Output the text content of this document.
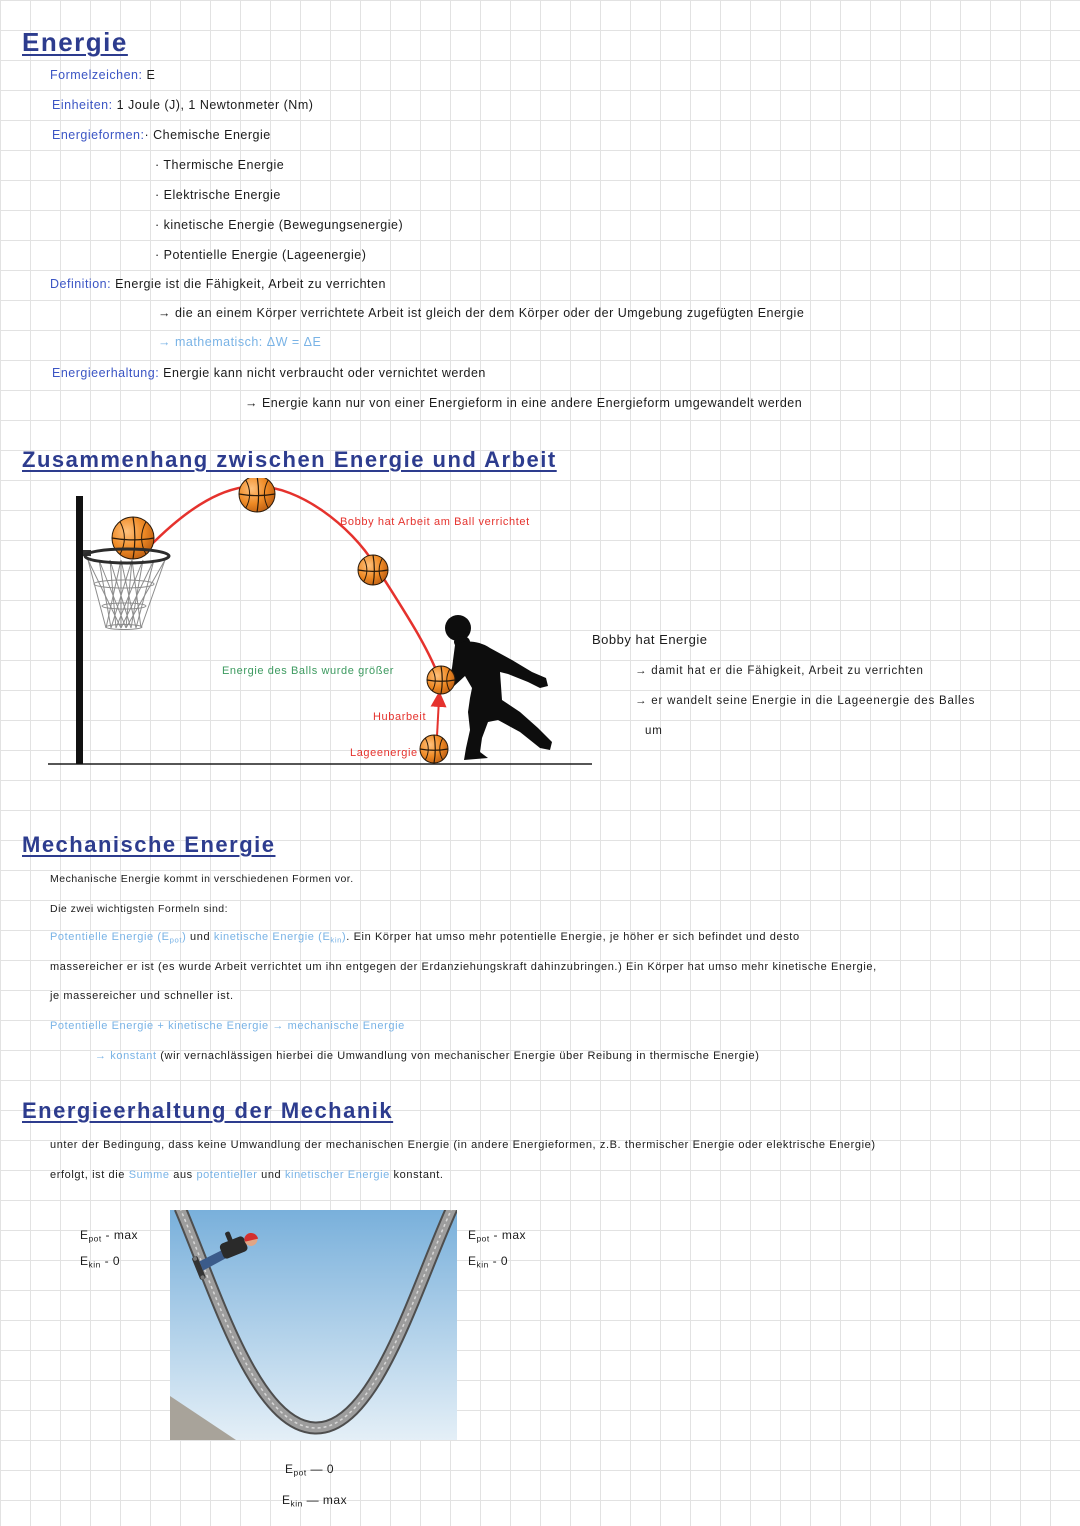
Energie
Formelzeichen: E
Einheiten: 1 Joule (J), 1 Newtonmeter (Nm)
Energieformen:· Chemische Energie
· Thermische Energie
· Elektrische Energie
· kinetische Energie (Bewegungsenergie)
· Potentielle Energie (Lageenergie)
Definition: Energie ist die Fähigkeit, Arbeit zu verrichten
→ die an einem Körper verrichtete Arbeit ist gleich der dem Körper oder der Umgebung zugefügten Energie
→ mathematisch: ΔW = ΔE
Energieerhaltung: Energie kann nicht verbraucht oder vernichtet werden
→ Energie kann nur von einer Energieform in eine andere Energieform umgewandelt werden
Zusammenhang zwischen Energie und Arbeit
Bobby hat Arbeit am Ball verrichtet
Energie des Balls wurde größer
Hubarbeit
Lageenergie
Bobby hat Energie
→ damit hat er die Fähigkeit, Arbeit zu verrichten
→ er wandelt seine Energie in die Lageenergie des Balles
um
Mechanische Energie
Mechanische Energie kommt in verschiedenen Formen vor.
Die zwei wichtigsten Formeln sind:
Potentielle Energie $(E_{pot})$ und kinetische Energie $(E_{kin})$. Ein Körper hat umso mehr potentielle Energie, je höher er sich befindet und desto
massereicher er ist (es wurde Arbeit verrichtet um ihn entgegen der Erdanziehungskraft dahinzubringen.) Ein Körper hat umso mehr kinetische Energie,
je massereicher und schneller ist.
Potentielle Energie + kinetische Energie → mechanische Energie
→ konstant (wir vernachlässigen hierbei die Umwandlung von mechanischer Energie über Reibung in thermische Energie)
Energieerhaltung der Mechanik
unter der Bedingung, dass keine Umwandlung der mechanischen Energie (in andere Energieformen, z.B. thermischer Energie oder elektrische Energie)
erfolgt, ist die Summe aus potentieller und kinetischer Energie konstant.
$E_{pot}$ - max
$E_{kin} - 0$
$E_{pot}$ - max
$E_{kin} - 0$
$E_{pot}$ — 0
$E_{kin}$ — max
